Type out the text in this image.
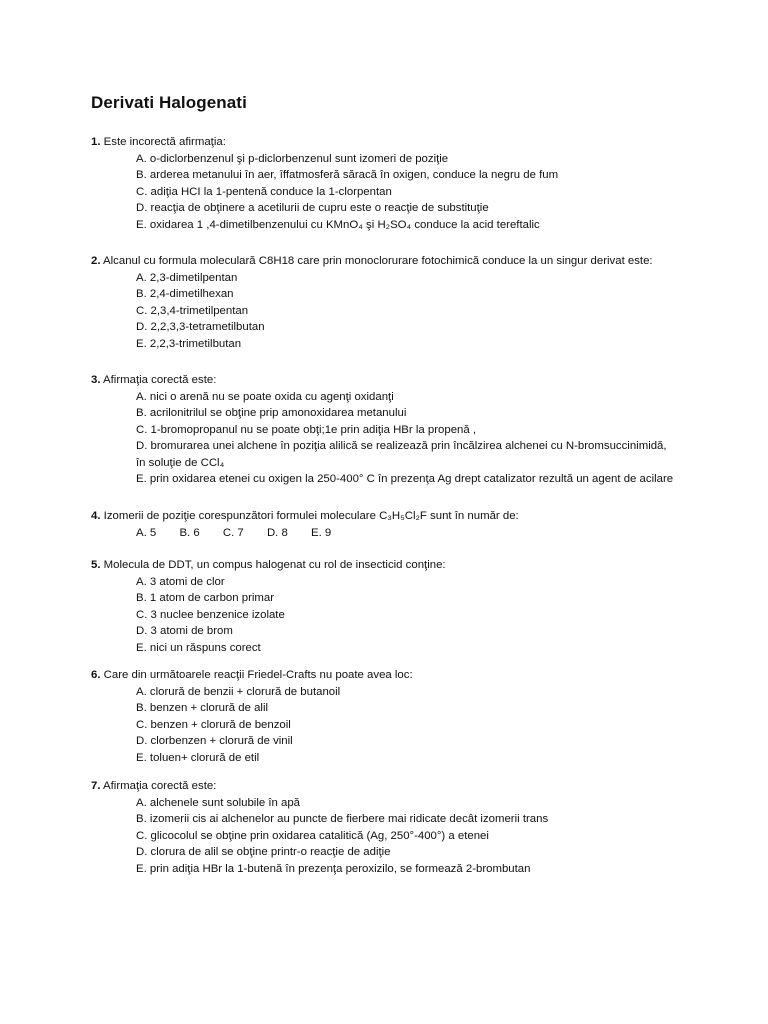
Derivati Halogenati
1. Este incorectă afirmaţia:
A. o-diclorbenzenul şi p-diclorbenzenul sunt izomeri de poziţie
B. arderea metanului în aer, îffatmosferă săracă în oxigen, conduce la negru de fum
C. adiţia HCI la 1-pentenă conduce la 1-clorpentan
D. reacţia de obţinere a acetilurii de cupru este o reacţie de substituţie
E. oxidarea 1 ,4-dimetilbenzenului cu KMnO₄ şi H₂SO₄ conduce la acid tereftalic
2. Alcanul cu formula moleculară C8H18 care prin monoclorurare fotochimică conduce la un singur derivat este:
A. 2,3-dimetilpentan
B. 2,4-dimetilhexan
C. 2,3,4-trimetilpentan
D. 2,2,3,3-tetrametilbutan
E. 2,2,3-trimetilbutan
3. Afirmaţia corectă este:
A. nici o arenă nu se poate oxida cu agenţi oxidanţi
B. acrilonitrilul se obţine prip amonoxidarea metanului
C. 1-bromopropanul nu se poate obţi;1e prin adiţia HBr la propenă ,
D. bromurarea unei alchene în poziţia alilică se realizează prin încălzirea alchenei cu N-bromsuccinimidă,
în soluţie de CCl₄
E. prin oxidarea etenei cu oxigen la 250-400° C în prezenţa Ag drept catalizator rezultă un agent de acilare
4. Izomerii de poziţie corespunzători formulei moleculare C₃H₅Cl₂F sunt în număr de:
A. 5 B. 6 C. 7 D. 8 E. 9
5. Molecula de DDT, un compus halogenat cu rol de insecticid conţine:
A. 3 atomi de clor
B. 1 atom de carbon primar
C. 3 nuclee benzenice izolate
D. 3 atomi de brom
E. nici un răspuns corect
6. Care din următoarele reacţii Friedel-Crafts nu poate avea loc:
A. clorură de benzii + clorură de butanoil
B. benzen + clorură de alil
C. benzen + clorură de benzoil
D. clorbenzen + clorură de vinil
E. toluen+ clorură de etil
7. Afirmaţia corectă este:
A. alchenele sunt solubile în apă
B. izomerii cis ai alchenelor au puncte de fierbere mai ridicate decât izomerii trans
C. glicocolul se obţine prin oxidarea catalitică (Ag, 250°-400°) a etenei
D. clorura de alil se obţine printr-o reacţie de adiţie
E. prin adiţia HBr la 1-butenă în prezenţa peroxizilo, se formează 2-brombutan
